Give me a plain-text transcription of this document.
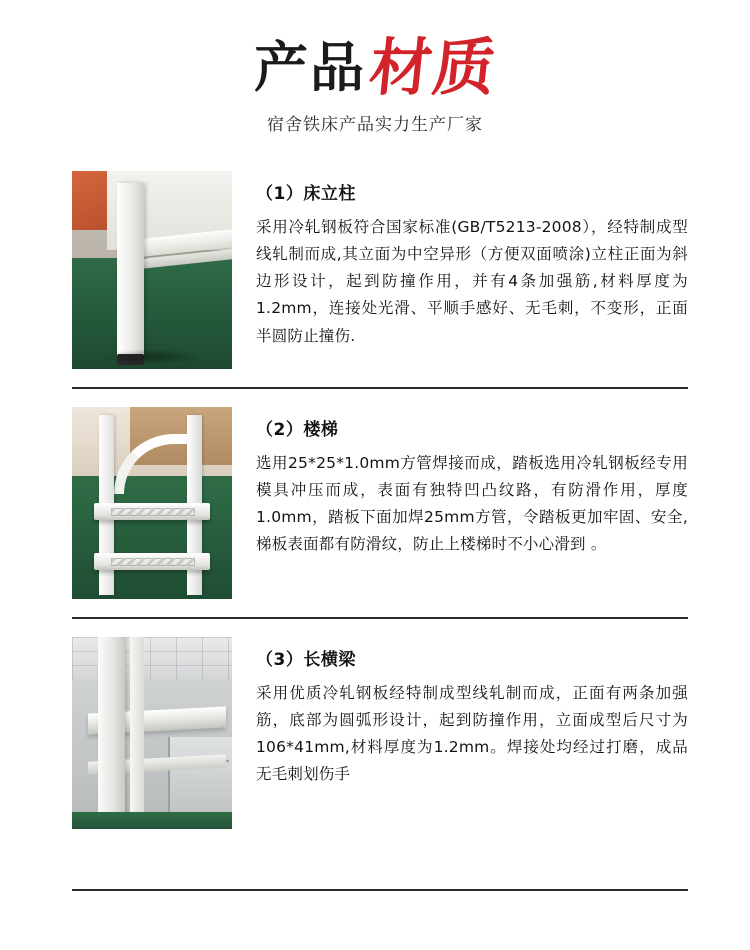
产品 材质
宿舍铁床产品实力生产厂家
（1）床立柱
采用冷轧钢板符合国家标准(GB/T5213-2008），经特制成型线轧制而成,其立面为中空异形（方便双面喷涂)立柱正面为斜边形设计，起到防撞作用，并有4条加强筋,材料厚度为1.2mm，连接处光滑、平顺手感好、无毛刺，不变形，正面半圆防止撞伤.
（2）楼梯
选用25*25*1.0mm方管焊接而成，踏板选用冷轧钢板经专用模具冲压而成，表面有独特凹凸纹路，有防滑作用，厚度1.0mm，踏板下面加焊25mm方管，令踏板更加牢固、安全,梯板表面都有防滑纹，防止上楼梯时不小心滑到 。
（3）长横梁
采用优质冷轧钢板经特制成型线轧制而成，正面有两条加强筋，底部为圆弧形设计，起到防撞作用，立面成型后尺寸为106*41mm,材料厚度为1.2mm。焊接处均经过打磨，成品无毛刺划伤手
